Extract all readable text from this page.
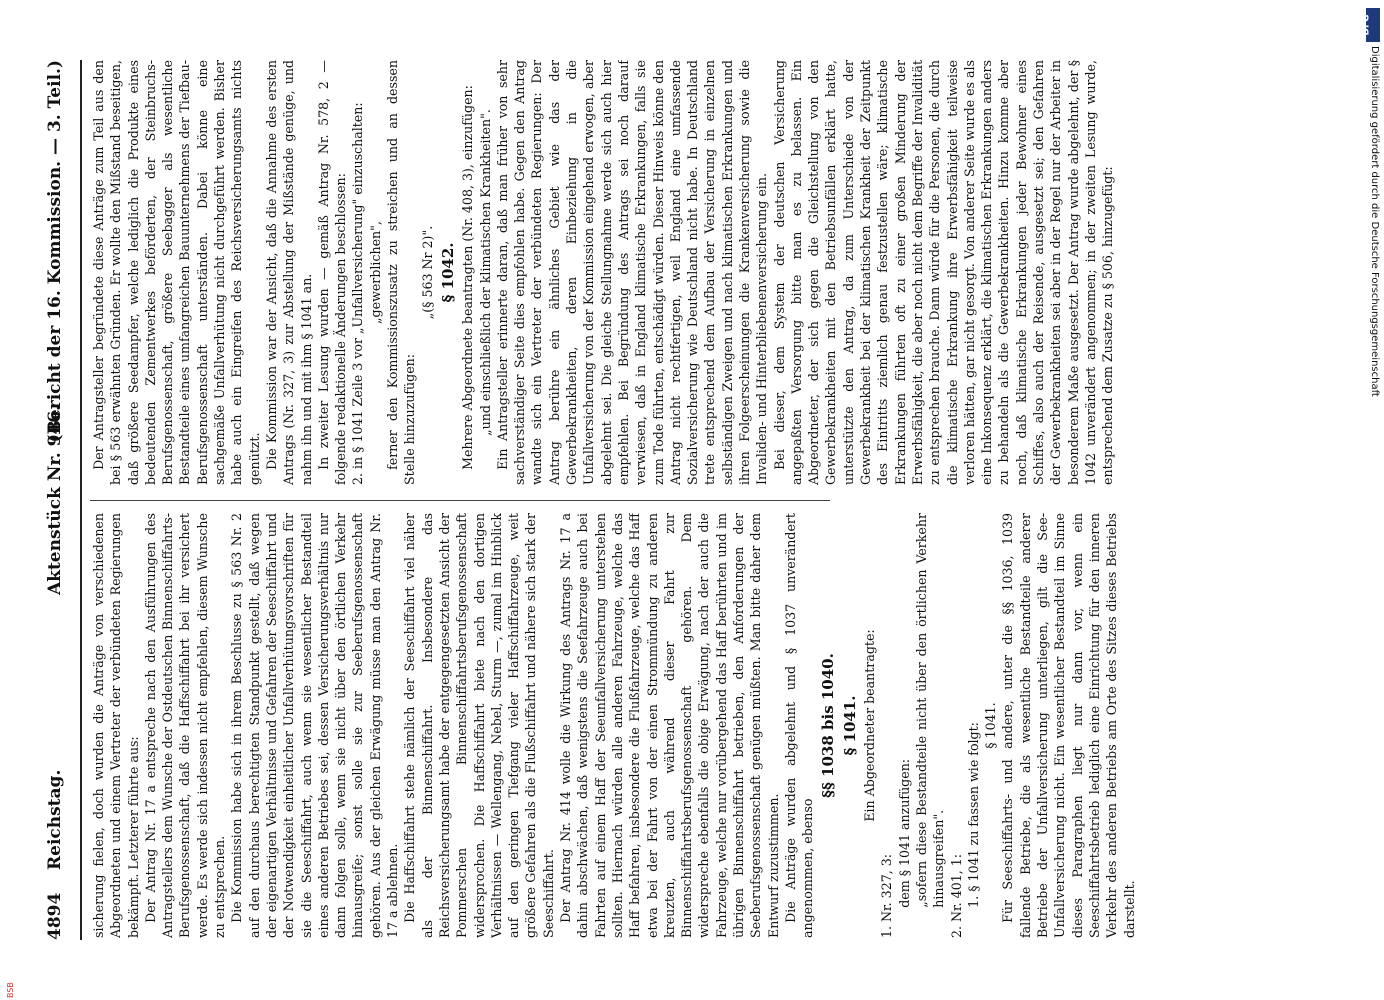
4894
Reichstag.
Aktenstück Nr. 946.
(Bericht der 16. Kommission. — 3. Teil.)

sicherung fielen, doch wurden die Anträge von verschiedenen Abgeordneten und einem Vertreter der verbündeten Regierungen bekämpft. Letzterer führte aus: Der Antrag Nr. 17 a entspreche nach den Ausführungen des Antragstellers dem Wunsche der Ostdeutschen Binnenschiffahrts-Berufsgenossenschaft, daß die Haffschiffahrt bei ihr versichert werde. Es werde sich indessen nicht empfehlen, diesem Wunsche zu entsprechen. Die Kommission habe sich in ihrem Beschlusse zu § 563 Nr. 2 auf den durchaus berechtigten Standpunkt gestellt, daß wegen der eigenartigen Verhältnisse und Gefahren der Seeschiffahrt und der Notwendigkeit einheitlicher Unfallverhütungsvorschriften für sie die Seeschiffahrt, auch wenn sie wesentlicher Bestandteil eines anderen Betriebes sei, dessen Versicherungsverhältnis nur dann folgen solle, wenn sie nicht über den örtlichen Verkehr hinausgreife; sonst solle sie zur Seeberufsgenossenschaft gehören. Aus der gleichen Erwägung müsse man den Antrag Nr. 17 a ablehnen. Die Haffschiffahrt stehe nämlich der Seeschiffahrt viel näher als der Binnenschiffahrt. Insbesondere das Reichsversicherungsamt habe der entgegengesetzten Ansicht der Pommerschen Binnenschiffahrtsberufsgenossenschaft widersprochen. Die Haffschiffahrt biete nach den dortigen Verhältnissen — Wellengang, Nebel, Sturm —, zumal im Hinblick auf den geringen Tiefgang vieler Haffschiffahrzeuge, weit größere Gefahren als die Flußschiffahrt und nähere sich stark der Seeschiffahrt. Der Antrag Nr. 414 wolle die Wirkung des Antrags Nr. 17 a dahin abschwächen, daß wenigstens die Seefahrzeuge auch bei Fahrten auf einem Haff der Seeunfallversicherung unterstehen sollten. Hiernach würden alle anderen Fahrzeuge, welche das Haff befahren, insbesondere die Flußfahrzeuge, welche das Haff etwa bei der Fahrt von der einen Strommündung zu anderen kreuzten, auch während dieser Fahrt zur Binnenschiffahrtsberufsgenossenschaft gehören. Dem widerspreche ebenfalls die obige Erwägung, nach der auch die Fahrzeuge, welche nur vorübergehend das Haff berührten und im übrigen Binnenschiffahrt betrieben, den Anforderungen der Seeberufsgenossenschaft genügen müßten. Man bitte daher dem Entwurf zuzustimmen. Die Anträge wurden abgelehnt und § 1037 unverändert angenommen, ebenso

§§ 1038 bis 1040. § 1041. Ein Abgeordneter beantragte:

1. Nr. 327, 3: dem § 1041 anzufügen: „sofern diese Bestandteile nicht über den örtlichen Verkehr hinausgreifen". 2. Nr. 401, 1: 1. § 1041 zu fassen wie folgt: § 1041. Für Seeschiffahrts- und andere, unter die §§ 1036, 1039 fallende Betriebe, die als wesentliche Bestandteile anderer Betriebe der Unfallversicherung unterliegen, gilt die See-Unfallversicherung nicht. Ein wesentlicher Bestandteil im Sinne dieses Paragraphen liegt nur dann vor, wenn ein Seeschiffahrtsbetrieb lediglich eine Einrichtung für den inneren Verkehr des anderen Betriebs am Orte des Sitzes dieses Betriebs darstellt.

Der Antragsteller begründete diese Anträge zum Teil aus den bei § 563 erwähnten Gründen. Er wollte den Mißstand beseitigen, daß größere Seedampfer, welche lediglich die Produkte eines bedeutenden Zementwerkes beförderten, der Steinbruchs-Berufsgenossenschaft, größere Seebagger als wesentliche Bestandteile eines umfangreichen Bauunternehmens der Tiefbau-Berufsgenossenschaft unterständen. Dabei könne eine sachgemäße Unfallverhütung nicht durchgeführt werden. Bisher habe auch ein Eingreifen des Reichsversicherungsamts nichts genützt. Die Kommission war der Ansicht, daß die Annahme des ersten Antrags (Nr. 327, 3) zur Abstellung der Mißstände genüge, und nahm ihn und mit ihm § 1041 an. In zweiter Lesung wurden — gemäß Antrag Nr. 578, 2 — folgende redaktionelle Änderungen beschlossen: 2. in § 1041 Zeile 3 vor „Unfallversicherung" einzuschalten: „gewerblichen", ferner den Kommissionszusatz zu streichen und an dessen Stelle hinzuzufügen:

„(§ 563 Nr 2)". § 1042. Mehrere Abgeordnete beantragten (Nr. 408, 3), einzufügen: „und einschließlich der klimatischen Krankheiten". Ein Antragsteller erinnerte daran, daß man früher von sehr sachverständiger Seite dies empfohlen habe. Gegen den Antrag wandte sich ein Vertreter der verbündeten Regierungen: Der Antrag berühre ein ähnliches Gebiet wie das der Gewerbekrankheiten, deren Einbeziehung in die Unfallversicherung von der Kommission eingehend erwogen, aber abgelehnt sei. Die gleiche Stellungnahme werde sich auch hier empfehlen. Bei Begründung des Antrags sei noch darauf verwiesen, daß in England klimatische Erkrankungen, falls sie zum Tode führten, entschädigt würden. Dieser Hinweis könne den Antrag nicht rechtfertigen, weil England eine umfassende Sozialversicherung wie Deutschland nicht habe. In Deutschland trete entsprechend dem Aufbau der Versicherung in einzelnen selbständigen Zweigen und nach klimatischen Erkrankungen und ihren Folgeerscheinungen die Krankenversicherung sowie die Invaliden- und Hinterbliebenenversicherung ein. Bei dieser, dem System der deutschen Versicherung angepaßten Versorgung bitte man es zu belassen. Ein Abgeordneter, der sich gegen die Gleichstellung von den Gewerbekrankheiten mit den Betriebsunfällen erklärt hatte, unterstützte den Antrag, da zum Unterschiede von der Gewerbekrankheit bei der klimatischen Krankheit der Zeitpunkt des Eintritts ziemlich genau festzustellen wäre; klimatische Erkrankungen führten oft zu einer großen Minderung der Erwerbsfähigkeit, die aber noch nicht dem Begriffe der Invalidität zu entsprechen brauche. Dann würde für die Personen, die durch die klimatische Erkrankung ihre Erwerbsfähigkeit teilweise verloren hätten, gar nicht gesorgt. Von anderer Seite wurde es als eine Inkonsequenz erklärt, die klimatischen Erkrankungen anders zu behandeln als die Gewerbekrankheiten. Hinzu komme aber noch, daß klimatische Erkrankungen jeder Bewohner eines Schiffes, also auch der Reisende, ausgesetzt sei; den Gefahren der Gewerbekrankheiten sei aber in der Regel nur der Arbeiter in besonderem Maße ausgesetzt. Der Antrag wurde abgelehnt, der § 1042 unverändert angenommen; in der zweiten Lesung wurde, entsprechend dem Zusatze zu § 506, hinzugefügt:

DFG
Digitalisierung gefördert durch die Deutsche Forschungsgemeinschaft
BSB
